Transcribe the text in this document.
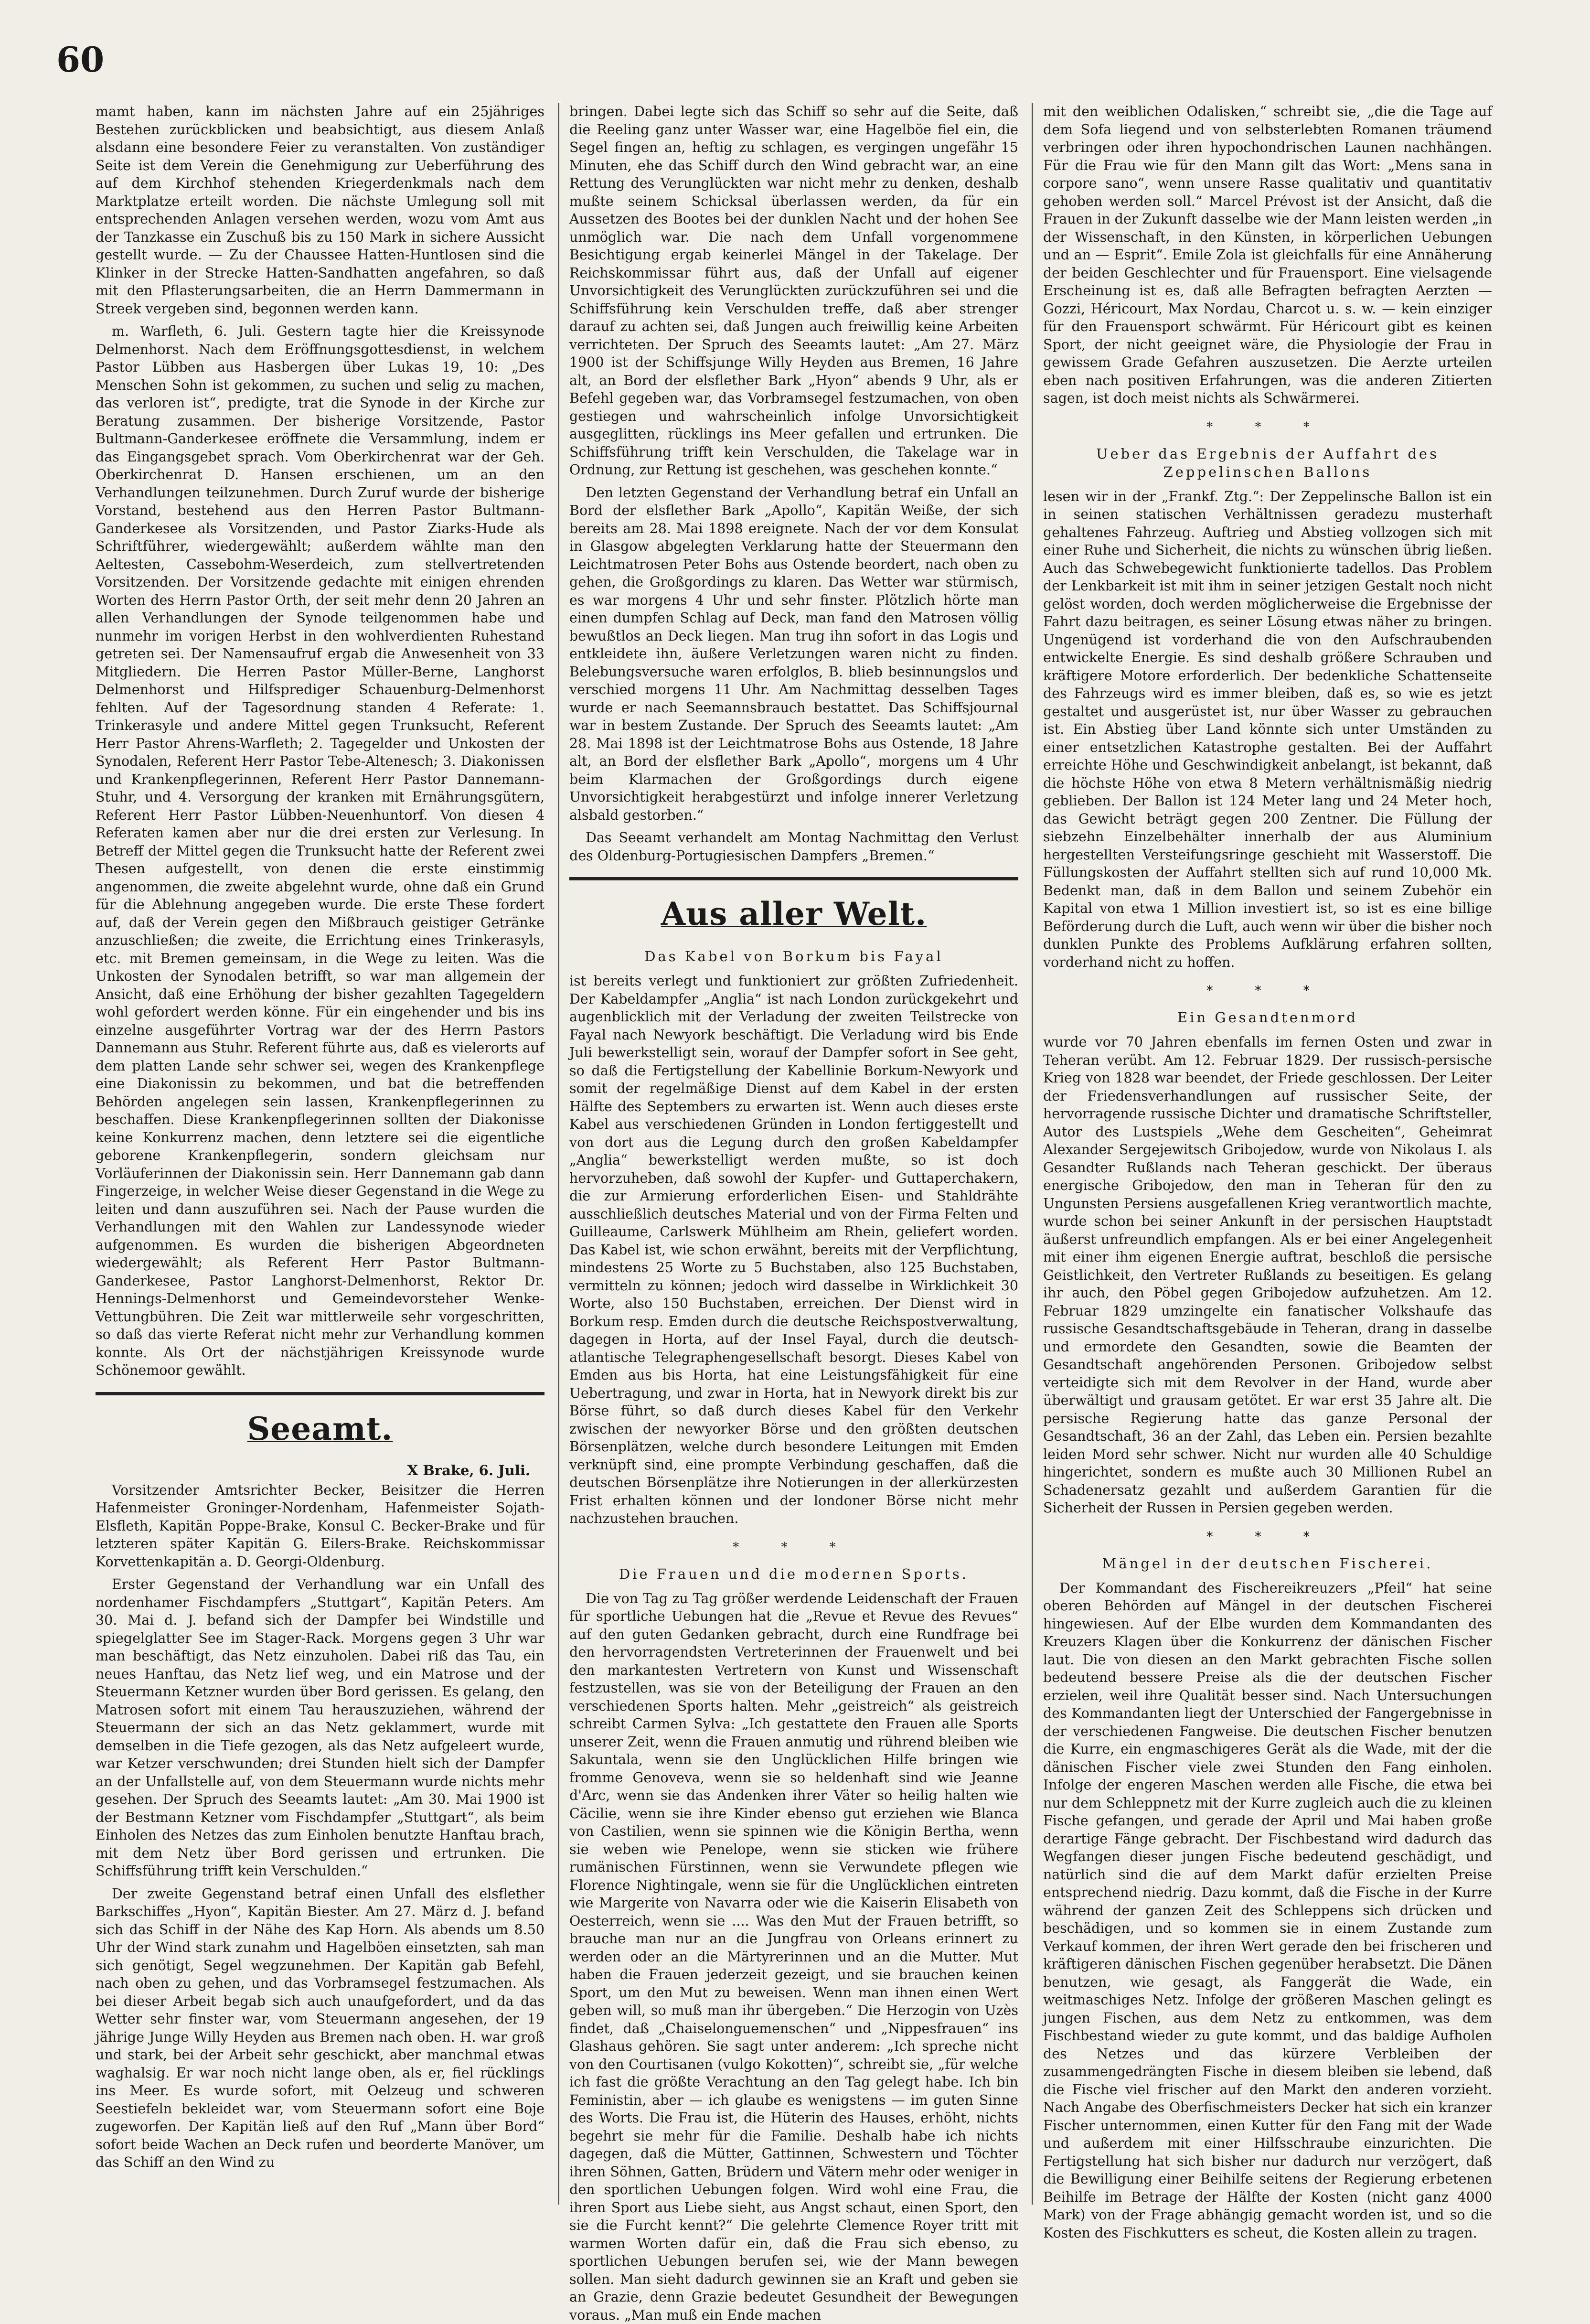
60

mamt haben, kann im nächsten Jahre auf ein 25jähriges Bestehen zurückblicken und beabsichtigt, aus diesem Anlaß alsdann eine besondere Feier zu veranstalten. Von zuständiger Seite ist dem Verein die Genehmigung zur Ueberführung des auf dem Kirchhof stehenden Kriegerdenkmals nach dem Marktplatze erteilt worden. Die nächste Umlegung soll mit entsprechenden Anlagen versehen werden, wozu vom Amt aus der Tanzkasse ein Zuschuß bis zu 150 Mark in sichere Aussicht gestellt wurde. — Zu der Chaussee Hatten-Huntlosen sind die Klinker in der Strecke Hatten-Sandhatten angefahren, so daß mit den Pflasterungsarbeiten, die an Herrn Dammermann in Streek vergeben sind, begonnen werden kann.

m. Warfleth, 6. Juli. Gestern tagte hier die Kreissynode Delmenhorst. Nach dem Eröffnungsgottesdienst, in welchem Pastor Lübben aus Hasbergen über Lukas 19, 10: „Des Menschen Sohn ist gekommen, zu suchen und selig zu machen, das verloren ist“, predigte, trat die Synode in der Kirche zur Beratung zusammen. Der bisherige Vorsitzende, Pastor Bultmann-Ganderkesee eröffnete die Versammlung, indem er das Eingangsgebet sprach. Vom Oberkirchenrat war der Geh. Oberkirchenrat D. Hansen erschienen, um an den Verhandlungen teilzunehmen. Durch Zuruf wurde der bisherige Vorstand, bestehend aus den Herren Pastor Bultmann-Ganderkesee als Vorsitzenden, und Pastor Ziarks-Hude als Schriftführer, wiedergewählt; außerdem wählte man den Aeltesten, Cassebohm-Weserdeich, zum stellvertretenden Vorsitzenden. Der Vorsitzende gedachte mit einigen ehrenden Worten des Herrn Pastor Orth, der seit mehr denn 20 Jahren an allen Verhandlungen der Synode teilgenommen habe und nunmehr im vorigen Herbst in den wohlverdienten Ruhestand getreten sei. Der Namensaufruf ergab die Anwesenheit von 33 Mitgliedern. Die Herren Pastor Müller-Berne, Langhorst Delmenhorst und Hilfsprediger Schauenburg-Delmenhorst fehlten. Auf der Tagesordnung standen 4 Referate: 1. Trinkerasyle und andere Mittel gegen Trunksucht, Referent Herr Pastor Ahrens-Warfleth; 2. Tagegelder und Unkosten der Synodalen, Referent Herr Pastor Tebe-Altenesch; 3. Diakonissen und Krankenpflegerinnen, Referent Herr Pastor Dannemann-Stuhr, und 4. Versorgung der kranken mit Ernährungsgütern, Referent Herr Pastor Lübben-Neuenhuntorf. Von diesen 4 Referaten kamen aber nur die drei ersten zur Verlesung. In Betreff der Mittel gegen die Trunksucht hatte der Referent zwei Thesen aufgestellt, von denen die erste einstimmig angenommen, die zweite abgelehnt wurde, ohne daß ein Grund für die Ablehnung angegeben wurde. Die erste These fordert auf, daß der Verein gegen den Mißbrauch geistiger Getränke anzuschließen; die zweite, die Errichtung eines Trinkerasyls, etc. mit Bremen gemeinsam, in die Wege zu leiten. Was die Unkosten der Synodalen betrifft, so war man allgemein der Ansicht, daß eine Erhöhung der bisher gezahlten Tagegeldern wohl gefordert werden könne. Für ein eingehender und bis ins einzelne ausgeführter Vortrag war der des Herrn Pastors Dannemann aus Stuhr. Referent führte aus, daß es vielerorts auf dem platten Lande sehr schwer sei, wegen des Krankenpflege eine Diakonissin zu bekommen, und bat die betreffenden Behörden angelegen sein lassen, Krankenpflegerinnen zu beschaffen. Diese Krankenpflegerinnen sollten der Diakonisse keine Konkurrenz machen, denn letztere sei die eigentliche geborene Krankenpflegerin, sondern gleichsam nur Vorläuferinnen der Diakonissin sein. Herr Dannemann gab dann Fingerzeige, in welcher Weise dieser Gegenstand in die Wege zu leiten und dann auszuführen sei. Nach der Pause wurden die Verhandlungen mit den Wahlen zur Landessynode wieder aufgenommen. Es wurden die bisherigen Abgeordneten wiedergewählt; als Referent Herr Pastor Bultmann-Ganderkesee, Pastor Langhorst-Delmenhorst, Rektor Dr. Hennings-Delmenhorst und Gemeindevorsteher Wenke-Vettungbühren. Die Zeit war mittlerweile sehr vorgeschritten, so daß das vierte Referat nicht mehr zur Verhandlung kommen konnte. Als Ort der nächstjährigen Kreissynode wurde Schönemoor gewählt.

Seeamt.
X Brake, 6. Juli.

Vorsitzender Amtsrichter Becker, Beisitzer die Herren Hafenmeister Groninger-Nordenham, Hafenmeister Sojath-Elsfleth, Kapitän Poppe-Brake, Konsul C. Becker-Brake und für letzteren später Kapitän G. Eilers-Brake. Reichskommissar Korvettenkapitän a. D. Georgi-Oldenburg.

Erster Gegenstand der Verhandlung war ein Unfall des nordenhamer Fischdampfers „Stuttgart“, Kapitän Peters. Am 30. Mai d. J. befand sich der Dampfer bei Windstille und spiegelglatter See im Stager-Rack. Morgens gegen 3 Uhr war man beschäftigt, das Netz einzuholen. Dabei riß das Tau, ein neues Hanftau, das Netz lief weg, und ein Matrose und der Steuermann Ketzner wurden über Bord gerissen. Es gelang, den Matrosen sofort mit einem Tau herauszuziehen, während der Steuermann der sich an das Netz geklammert, wurde mit demselben in die Tiefe gezogen, als das Netz aufgeleert wurde, war Ketzer verschwunden; drei Stunden hielt sich der Dampfer an der Unfallstelle auf, von dem Steuermann wurde nichts mehr gesehen. Der Spruch des Seeamts lautet: „Am 30. Mai 1900 ist der Bestmann Ketzner vom Fischdampfer „Stuttgart“, als beim Einholen des Netzes das zum Einholen benutzte Hanftau brach, mit dem Netz über Bord gerissen und ertrunken. Die Schiffsführung trifft kein Verschulden.“

Der zweite Gegenstand betraf einen Unfall des elsflether Barkschiffes „Hyon“, Kapitän Biester. Am 27. März d. J. befand sich das Schiff in der Nähe des Kap Horn. Als abends um 8.50 Uhr der Wind stark zunahm und Hagelböen einsetzten, sah man sich genötigt, Segel wegzunehmen. Der Kapitän gab Befehl, nach oben zu gehen, und das Vorbramsegel festzumachen. Als bei dieser Arbeit begab sich auch unaufgefordert, und da das Wetter sehr finster war, vom Steuermann angesehen, der 19 jährige Junge Willy Heyden aus Bremen nach oben. H. war groß und stark, bei der Arbeit sehr geschickt, aber manchmal etwas waghalsig. Er war noch nicht lange oben, als er, fiel rücklings ins Meer. Es wurde sofort, mit Oelzeug und schweren Seestiefeln bekleidet war, vom Steuermann sofort eine Boje zugeworfen. Der Kapitän ließ auf den Ruf „Mann über Bord“ sofort beide Wachen an Deck rufen und beorderte Manöver, um das Schiff an den Wind zu

bringen. Dabei legte sich das Schiff so sehr auf die Seite, daß die Reeling ganz unter Wasser war, eine Hagelböe fiel ein, die Segel fingen an, heftig zu schlagen, es vergingen ungefähr 15 Minuten, ehe das Schiff durch den Wind gebracht war, an eine Rettung des Verunglückten war nicht mehr zu denken, deshalb mußte seinem Schicksal überlassen werden, da für ein Aussetzen des Bootes bei der dunklen Nacht und der hohen See unmöglich war. Die nach dem Unfall vorgenommene Besichtigung ergab keinerlei Mängel in der Takelage. Der Reichskommissar führt aus, daß der Unfall auf eigener Unvorsichtigkeit des Verunglückten zurückzuführen sei und die Schiffsführung kein Verschulden treffe, daß aber strenger darauf zu achten sei, daß Jungen auch freiwillig keine Arbeiten verrichteten. Der Spruch des Seeamts lautet: „Am 27. März 1900 ist der Schiffsjunge Willy Heyden aus Bremen, 16 Jahre alt, an Bord der elsflether Bark „Hyon“ abends 9 Uhr, als er Befehl gegeben war, das Vorbramsegel festzumachen, von oben gestiegen und wahrscheinlich infolge Unvorsichtigkeit ausgeglitten, rücklings ins Meer gefallen und ertrunken. Die Schiffsführung trifft kein Verschulden, die Takelage war in Ordnung, zur Rettung ist geschehen, was geschehen konnte.“

Den letzten Gegenstand der Verhandlung betraf ein Unfall an Bord der elsflether Bark „Apollo“, Kapitän Weiße, der sich bereits am 28. Mai 1898 ereignete. Nach der vor dem Konsulat in Glasgow abgelegten Verklarung hatte der Steuermann den Leichtmatrosen Peter Bohs aus Ostende beordert, nach oben zu gehen, die Großgordings zu klaren. Das Wetter war stürmisch, es war morgens 4 Uhr und sehr finster. Plötzlich hörte man einen dumpfen Schlag auf Deck, man fand den Matrosen völlig bewußtlos an Deck liegen. Man trug ihn sofort in das Logis und entkleidete ihn, äußere Verletzungen waren nicht zu finden. Belebungsversuche waren erfolglos, B. blieb besinnungslos und verschied morgens 11 Uhr. Am Nachmittag desselben Tages wurde er nach Seemannsbrauch bestattet. Das Schiffsjournal war in bestem Zustande. Der Spruch des Seeamts lautet: „Am 28. Mai 1898 ist der Leichtmatrose Bohs aus Ostende, 18 Jahre alt, an Bord der elsflether Bark „Apollo“, morgens um 4 Uhr beim Klarmachen der Großgordings durch eigene Unvorsichtigkeit herabgestürzt und infolge innerer Verletzung alsbald gestorben.“

Das Seeamt verhandelt am Montag Nachmittag den Verlust des Oldenburg-Portugiesischen Dampfers „Bremen.“

Aus aller Welt.
Das Kabel von Borkum bis Fayal

ist bereits verlegt und funktioniert zur größten Zufriedenheit. Der Kabeldampfer „Anglia“ ist nach London zurückgekehrt und augenblicklich mit der Verladung der zweiten Teilstrecke von Fayal nach Newyork beschäftigt. Die Verladung wird bis Ende Juli bewerkstelligt sein, worauf der Dampfer sofort in See geht, so daß die Fertigstellung der Kabellinie Borkum-Newyork und somit der regelmäßige Dienst auf dem Kabel in der ersten Hälfte des Septembers zu erwarten ist. Wenn auch dieses erste Kabel aus verschiedenen Gründen in London fertiggestellt und von dort aus die Legung durch den großen Kabeldampfer „Anglia“ bewerkstelligt werden mußte, so ist doch hervorzuheben, daß sowohl der Kupfer- und Guttaperchakern, die zur Armierung erforderlichen Eisen- und Stahldrähte ausschließlich deutsches Material und von der Firma Felten und Guilleaume, Carlswerk Mühlheim am Rhein, geliefert worden. Das Kabel ist, wie schon erwähnt, bereits mit der Verpflichtung, mindestens 25 Worte zu 5 Buchstaben, also 125 Buchstaben, vermitteln zu können; jedoch wird dasselbe in Wirklichkeit 30 Worte, also 150 Buchstaben, erreichen. Der Dienst wird in Borkum resp. Emden durch die deutsche Reichspostverwaltung, dagegen in Horta, auf der Insel Fayal, durch die deutsch-atlantische Telegraphengesellschaft besorgt. Dieses Kabel von Emden aus bis Horta, hat eine Leistungsfähigkeit für eine Uebertragung, und zwar in Horta, hat in Newyork direkt bis zur Börse führt, so daß durch dieses Kabel für den Verkehr zwischen der newyorker Börse und den größten deutschen Börsenplätzen, welche durch besondere Leitungen mit Emden verknüpft sind, eine prompte Verbindung geschaffen, daß die deutschen Börsenplätze ihre Notierungen in der allerkürzesten Frist erhalten können und der londoner Börse nicht mehr nachzustehen brauchen.

* * *
Die Frauen und die modernen Sports.

Die von Tag zu Tag größer werdende Leidenschaft der Frauen für sportliche Uebungen hat die „Revue et Revue des Revues“ auf den guten Gedanken gebracht, durch eine Rundfrage bei den hervorragendsten Vertreterinnen der Frauenwelt und bei den markantesten Vertretern von Kunst und Wissenschaft festzustellen, was sie von der Beteiligung der Frauen an den verschiedenen Sports halten. Mehr „geistreich“ als geistreich schreibt Carmen Sylva: „Ich gestattete den Frauen alle Sports unserer Zeit, wenn die Frauen anmutig und rührend bleiben wie Sakuntala, wenn sie den Unglücklichen Hilfe bringen wie fromme Genoveva, wenn sie so heldenhaft sind wie Jeanne d'Arc, wenn sie das Andenken ihrer Väter so heilig halten wie Cäcilie, wenn sie ihre Kinder ebenso gut erziehen wie Blanca von Castilien, wenn sie spinnen wie die Königin Bertha, wenn sie weben wie Penelope, wenn sie sticken wie frühere rumänischen Fürstinnen, wenn sie Verwundete pflegen wie Florence Nightingale, wenn sie für die Unglücklichen eintreten wie Margerite von Navarra oder wie die Kaiserin Elisabeth von Oesterreich, wenn sie .... Was den Mut der Frauen betrifft, so brauche man nur an die Jungfrau von Orleans erinnert zu werden oder an die Märtyrerinnen und an die Mutter. Mut haben die Frauen jederzeit gezeigt, und sie brauchen keinen Sport, um den Mut zu beweisen. Wenn man ihnen einen Wert geben will, so muß man ihr übergeben.“ Die Herzogin von Uzès findet, daß „Chaiselonguemenschen“ und „Nippesfrauen“ ins Glashaus gehören. Sie sagt unter anderem: „Ich spreche nicht von den Courtisanen (vulgo Kokotten)“, schreibt sie, „für welche ich fast die größte Verachtung an den Tag gelegt habe. Ich bin Feministin, aber — ich glaube es wenigstens — im guten Sinne des Worts. Die Frau ist, die Hüterin des Hauses, erhöht, nichts begehrt sie mehr für die Familie. Deshalb habe ich nichts dagegen, daß die Mütter, Gattinnen, Schwestern und Töchter ihren Söhnen, Gatten, Brüdern und Vätern mehr oder weniger in den sportlichen Uebungen folgen. Wird wohl eine Frau, die ihren Sport aus Liebe sieht, aus Angst schaut, einen Sport, den sie die Furcht kennt?“ Die gelehrte Clemence Royer tritt mit warmen Worten dafür ein, daß die Frau sich ebenso, zu sportlichen Uebungen berufen sei, wie der Mann bewegen sollen. Man sieht dadurch gewinnen sie an Kraft und geben sie an Grazie, denn Grazie bedeutet Gesundheit der Bewegungen voraus. „Man muß ein Ende machen

mit den weiblichen Odalisken,“ schreibt sie, „die die Tage auf dem Sofa liegend und von selbsterlebten Romanen träumend verbringen oder ihren hypochondrischen Launen nachhängen. Für die Frau wie für den Mann gilt das Wort: „Mens sana in corpore sano“, wenn unsere Rasse qualitativ und quantitativ gehoben werden soll.“ Marcel Prévost ist der Ansicht, daß die Frauen in der Zukunft dasselbe wie der Mann leisten werden „in der Wissenschaft, in den Künsten, in körperlichen Uebungen und an — Esprit“. Emile Zola ist gleichfalls für eine Annäherung der beiden Geschlechter und für Frauensport. Eine vielsagende Erscheinung ist es, daß alle Befragten befragten Aerzten — Gozzi, Héricourt, Max Nordau, Charcot u. s. w. — kein einziger für den Frauensport schwärmt. Für Héricourt gibt es keinen Sport, der nicht geeignet wäre, die Physiologie der Frau in gewissem Grade Gefahren auszusetzen. Die Aerzte urteilen eben nach positiven Erfahrungen, was die anderen Zitierten sagen, ist doch meist nichts als Schwärmerei.

* * *
Ueber das Ergebnis der Auffahrt des Zeppelinschen Ballons

lesen wir in der „Frankf. Ztg.“: Der Zeppelinsche Ballon ist ein in seinen statischen Verhältnissen geradezu musterhaft gehaltenes Fahrzeug. Auftrieg und Abstieg vollzogen sich mit einer Ruhe und Sicherheit, die nichts zu wünschen übrig ließen. Auch das Schwebegewicht funktionierte tadellos. Das Problem der Lenkbarkeit ist mit ihm in seiner jetzigen Gestalt noch nicht gelöst worden, doch werden möglicherweise die Ergebnisse der Fahrt dazu beitragen, es seiner Lösung etwas näher zu bringen. Ungenügend ist vorderhand die von den Aufschraubenden entwickelte Energie. Es sind deshalb größere Schrauben und kräftigere Motore erforderlich. Der bedenkliche Schattenseite des Fahrzeugs wird es immer bleiben, daß es, so wie es jetzt gestaltet und ausgerüstet ist, nur über Wasser zu gebrauchen ist. Ein Abstieg über Land könnte sich unter Umständen zu einer entsetzlichen Katastrophe gestalten. Bei der Auffahrt erreichte Höhe und Geschwindigkeit anbelangt, ist bekannt, daß die höchste Höhe von etwa 8 Metern verhältnismäßig niedrig geblieben. Der Ballon ist 124 Meter lang und 24 Meter hoch, das Gewicht beträgt gegen 200 Zentner. Die Füllung der siebzehn Einzelbehälter innerhalb der aus Aluminium hergestellten Versteifungsringe geschieht mit Wasserstoff. Die Füllungskosten der Auffahrt stellten sich auf rund 10,000 Mk. Bedenkt man, daß in dem Ballon und seinem Zubehör ein Kapital von etwa 1 Million investiert ist, so ist es eine billige Beförderung durch die Luft, auch wenn wir über die bisher noch dunklen Punkte des Problems Aufklärung erfahren sollten, vorderhand nicht zu hoffen.

* * *
Ein Gesandtenmord

wurde vor 70 Jahren ebenfalls im fernen Osten und zwar in Teheran verübt. Am 12. Februar 1829. Der russisch-persische Krieg von 1828 war beendet, der Friede geschlossen. Der Leiter der Friedensverhandlungen auf russischer Seite, der hervorragende russische Dichter und dramatische Schriftsteller, Autor des Lustspiels „Wehe dem Gescheiten“, Geheimrat Alexander Sergejewitsch Gribojedow, wurde von Nikolaus I. als Gesandter Rußlands nach Teheran geschickt. Der überaus energische Gribojedow, den man in Teheran für den zu Ungunsten Persiens ausgefallenen Krieg verantwortlich machte, wurde schon bei seiner Ankunft in der persischen Hauptstadt äußerst unfreundlich empfangen. Als er bei einer Angelegenheit mit einer ihm eigenen Energie auftrat, beschloß die persische Geistlichkeit, den Vertreter Rußlands zu beseitigen. Es gelang ihr auch, den Pöbel gegen Gribojedow aufzuhetzen. Am 12. Februar 1829 umzingelte ein fanatischer Volkshaufe das russische Gesandtschaftsgebäude in Teheran, drang in dasselbe und ermordete den Gesandten, sowie die Beamten der Gesandtschaft angehörenden Personen. Gribojedow selbst verteidigte sich mit dem Revolver in der Hand, wurde aber überwältigt und grausam getötet. Er war erst 35 Jahre alt. Die persische Regierung hatte das ganze Personal der Gesandtschaft, 36 an der Zahl, das Leben ein. Persien bezahlte leiden Mord sehr schwer. Nicht nur wurden alle 40 Schuldige hingerichtet, sondern es mußte auch 30 Millionen Rubel an Schadenersatz gezahlt und außerdem Garantien für die Sicherheit der Russen in Persien gegeben werden.

* * *
Mängel in der deutschen Fischerei.

Der Kommandant des Fischereikreuzers „Pfeil“ hat seine oberen Behörden auf Mängel in der deutschen Fischerei hingewiesen. Auf der Elbe wurden dem Kommandanten des Kreuzers Klagen über die Konkurrenz der dänischen Fischer laut. Die von diesen an den Markt gebrachten Fische sollen bedeutend bessere Preise als die der deutschen Fischer erzielen, weil ihre Qualität besser sind. Nach Untersuchungen des Kommandanten liegt der Unterschied der Fangergebnisse in der verschiedenen Fangweise. Die deutschen Fischer benutzen die Kurre, ein engmaschigeres Gerät als die Wade, mit der die dänischen Fischer viele zwei Stunden den Fang einholen. Infolge der engeren Maschen werden alle Fische, die etwa bei nur dem Schleppnetz mit der Kurre zugleich auch die zu kleinen Fische gefangen, und gerade der April und Mai haben große derartige Fänge gebracht. Der Fischbestand wird dadurch das Wegfangen dieser jungen Fische bedeutend geschädigt, und natürlich sind die auf dem Markt dafür erzielten Preise entsprechend niedrig. Dazu kommt, daß die Fische in der Kurre während der ganzen Zeit des Schleppens sich drücken und beschädigen, und so kommen sie in einem Zustande zum Verkauf kommen, der ihren Wert gerade den bei frischeren und kräftigeren dänischen Fischen gegenüber herabsetzt. Die Dänen benutzen, wie gesagt, als Fanggerät die Wade, ein weitmaschiges Netz. Infolge der größeren Maschen gelingt es jungen Fischen, aus dem Netz zu entkommen, was dem Fischbestand wieder zu gute kommt, und das baldige Aufholen des Netzes und das kürzere Verbleiben der zusammengedrängten Fische in diesem bleiben sie lebend, daß die Fische viel frischer auf den Markt den anderen vorzieht. Nach Angabe des Oberfischmeisters Decker hat sich ein kranzer Fischer unternommen, einen Kutter für den Fang mit der Wade und außerdem mit einer Hilfsschraube einzurichten. Die Fertigstellung hat sich bisher nur dadurch nur verzögert, daß die Bewilligung einer Beihilfe seitens der Regierung erbetenen Beihilfe im Betrage der Hälfte der Kosten (nicht ganz 4000 Mark) von der Frage abhängig gemacht worden ist, und so die Kosten des Fischkutters es scheut, die Kosten allein zu tragen.
